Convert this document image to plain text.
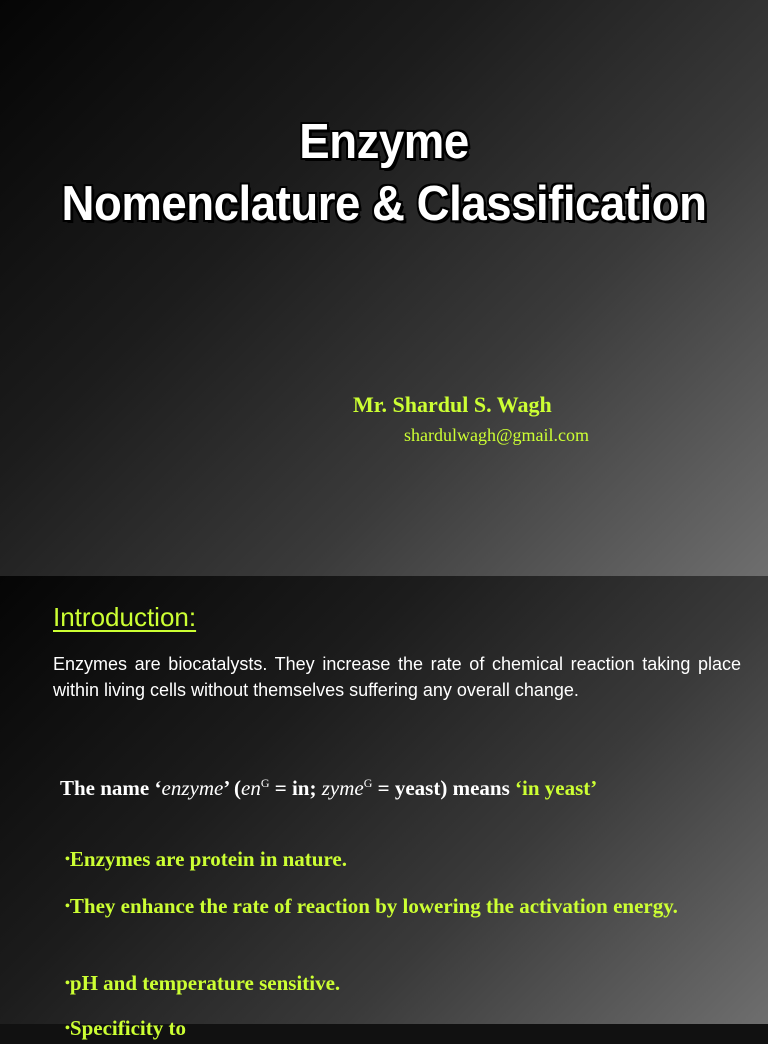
Enzyme
Nomenclature & Classification
Mr. Shardul S. Wagh
shardulwagh@gmail.com
Introduction:
Enzymes are biocatalysts. They increase the rate of chemical reaction taking place within living cells without themselves suffering any overall change.
The name ‘enzyme’ ($en^G$ = in; zyme$^G$ = yeast) means ‘in yeast’
•Enzymes are protein in nature.
•They enhance the rate of reaction by lowering the activation energy.
•pH and temperature sensitive.
•Specificity to
